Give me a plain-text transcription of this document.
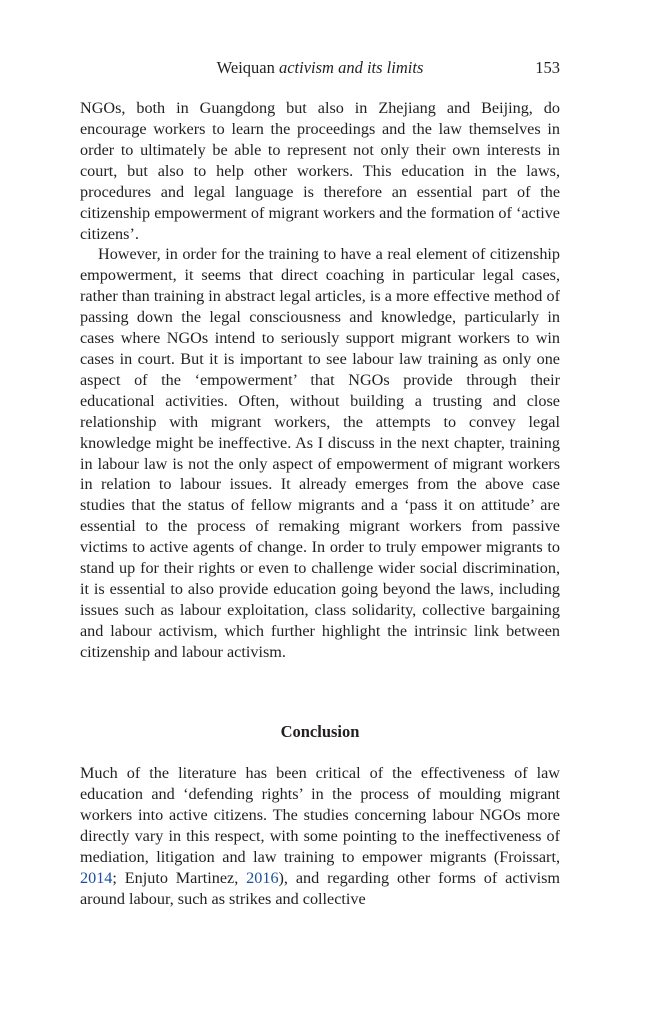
Weiquan activism and its limits	153

NGOs, both in Guangdong but also in Zhejiang and Beijing, do encourage workers to learn the proceedings and the law themselves in order to ultimately be able to represent not only their own interests in court, but also to help other workers. This education in the laws, procedures and legal language is therefore an essential part of the citizenship empowerment of migrant workers and the formation of ‘active citizens’.

However, in order for the training to have a real element of citizenship empowerment, it seems that direct coaching in particular legal cases, rather than training in abstract legal articles, is a more effective method of passing down the legal consciousness and knowledge, particularly in cases where NGOs intend to seriously support migrant workers to win cases in court. But it is important to see labour law training as only one aspect of the ‘empowerment’ that NGOs provide through their educational activities. Often, without building a trusting and close relationship with migrant workers, the attempts to convey legal knowledge might be ineffective. As I discuss in the next chapter, training in labour law is not the only aspect of empowerment of migrant workers in relation to labour issues. It already emerges from the above case studies that the status of fellow migrants and a ‘pass it on attitude’ are essential to the process of remaking migrant workers from passive victims to active agents of change. In order to truly empower migrants to stand up for their rights or even to challenge wider social discrimination, it is essential to also provide education going beyond the laws, including issues such as labour exploitation, class solidarity, collective bargaining and labour activism, which further highlight the intrinsic link between citizenship and labour activism.

Conclusion

Much of the literature has been critical of the effectiveness of law education and ‘defending rights’ in the process of moulding migrant workers into active citizens. The studies concerning labour NGOs more directly vary in this respect, with some pointing to the ineffectiveness of mediation, litigation and law training to empower migrants (Froissart, 2014; Enjuto Martinez, 2016), and regarding other forms of activism around labour, such as strikes and collective
